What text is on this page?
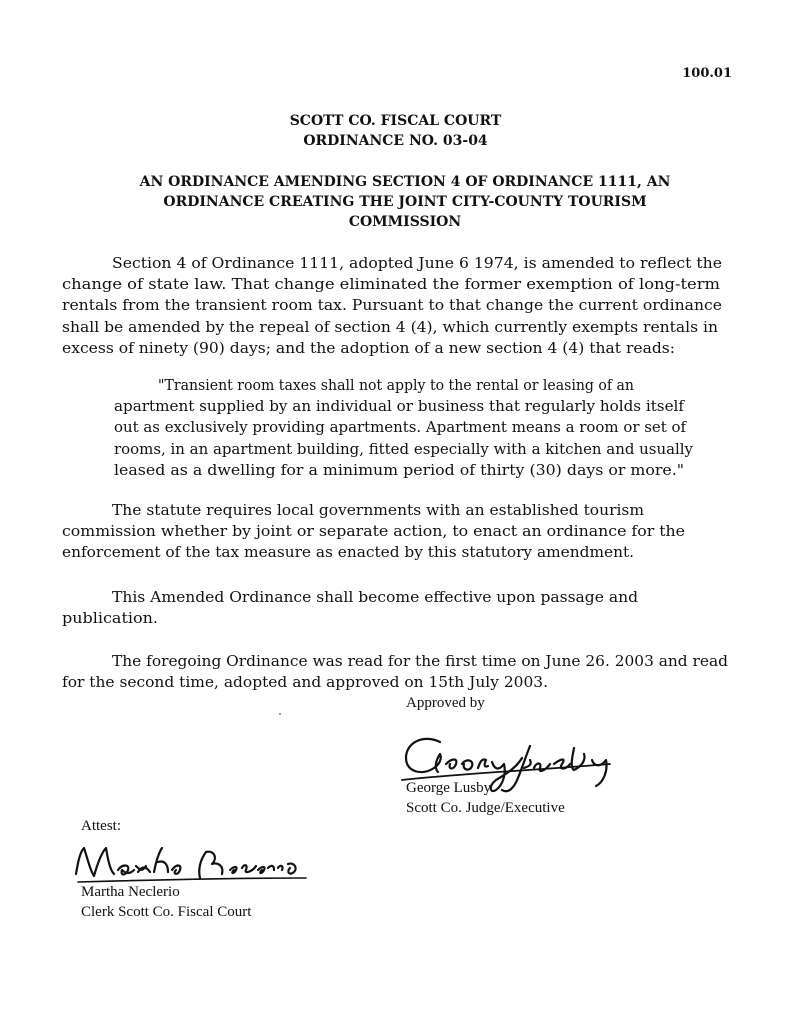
100.01
SCOTT CO. FISCAL COURT
ORDINANCE NO. 03-04
AN ORDINANCE AMENDING SECTION 4 OF ORDINANCE 1111, AN
ORDINANCE CREATING THE JOINT CITY-COUNTY TOURISM
COMMISSION
Section 4 of Ordinance 1111, adopted June 6 1974, is amended to reflect the
change of state law. That change eliminated the former exemption of long-term
rentals from the transient room tax. Pursuant to that change the current ordinance
shall be amended by the repeal of section 4 (4), which currently exempts rentals in
excess of ninety (90) days; and the adoption of a new section 4 (4) that reads:
"Transient room taxes shall not apply to the rental or leasing of an
apartment supplied by an individual or business that regularly holds itself
out as exclusively providing apartments. Apartment means a room or set of
rooms, in an apartment building, fitted especially with a kitchen and usually
leased as a dwelling for a minimum period of thirty (30) days or more."
The statute requires local governments with an established tourism
commission whether by joint or separate action, to enact an ordinance for the
enforcement of the tax measure as enacted by this statutory amendment.
This Amended Ordinance shall become effective upon passage and
publication.
The foregoing Ordinance was read for the first time on June 26. 2003 and read
for the second time, adopted and approved on 15th July 2003.
Approved by
George Lusby
Scott Co. Judge/Executive
Attest:
Martha Neclerio
Clerk Scott Co. Fiscal Court
